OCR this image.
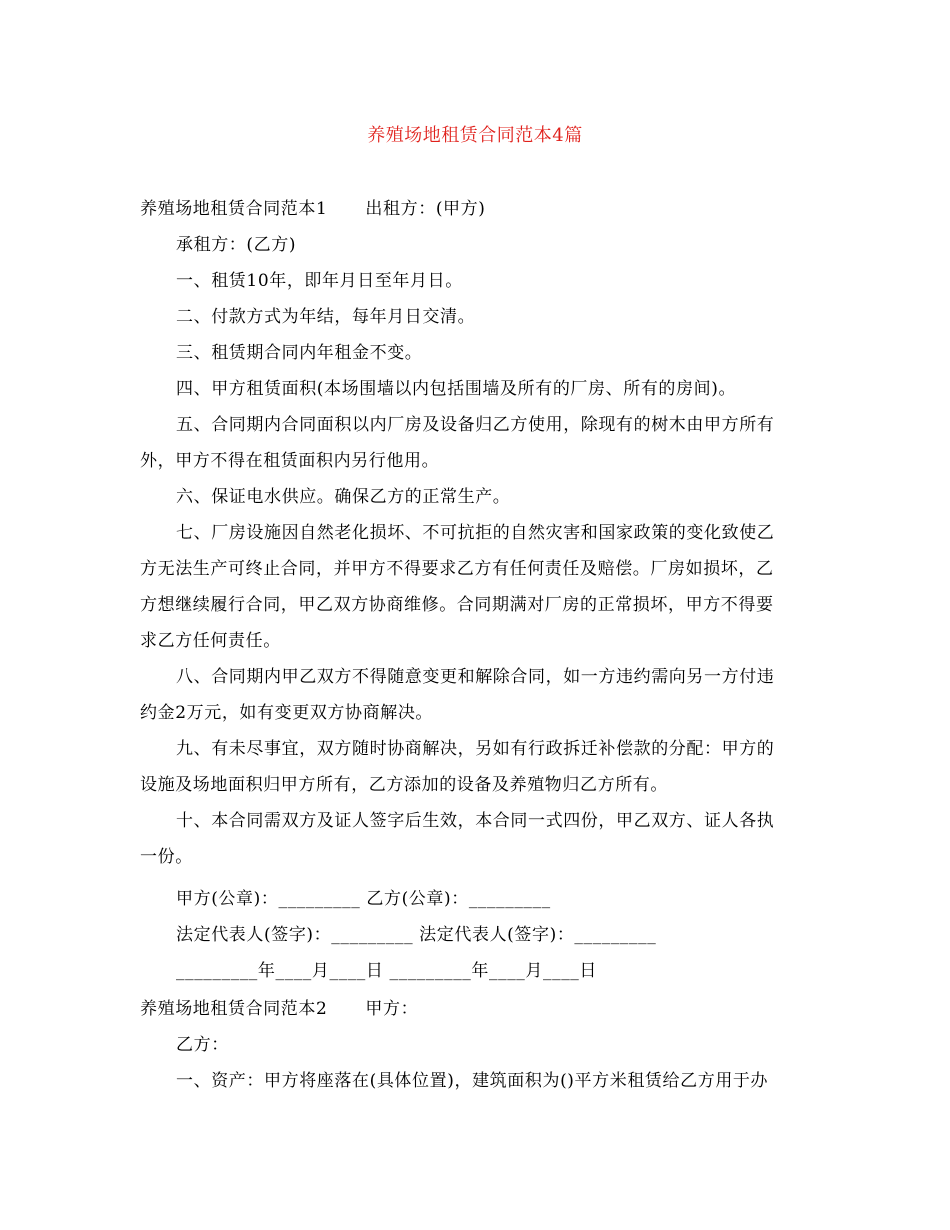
养殖场地租赁合同范本4篇
养殖场地租赁合同范本1 出租方：(甲方)
承租方：(乙方)
一、租赁10年，即年月日至年月日。
二、付款方式为年结，每年月日交清。
三、租赁期合同内年租金不变。
四、甲方租赁面积(本场围墙以内包括围墙及所有的厂房、所有的房间)。
五、合同期内合同面积以内厂房及设备归乙方使用，除现有的树木由甲方所有
外，甲方不得在租赁面积内另行他用。
六、保证电水供应。确保乙方的正常生产。
七、厂房设施因自然老化损坏、不可抗拒的自然灾害和国家政策的变化致使乙
方无法生产可终止合同，并甲方不得要求乙方有任何责任及赔偿。厂房如损坏，乙
方想继续履行合同，甲乙双方协商维修。合同期满对厂房的正常损坏，甲方不得要
求乙方任何责任。
八、合同期内甲乙双方不得随意变更和解除合同，如一方违约需向另一方付违
约金2万元，如有变更双方协商解决。
九、有未尽事宜，双方随时协商解决，另如有行政拆迁补偿款的分配：甲方的
设施及场地面积归甲方所有，乙方添加的设备及养殖物归乙方所有。
十、本合同需双方及证人签字后生效，本合同一式四份，甲乙双方、证人各执
一份。
甲方(公章)：_________ 乙方(公章)：_________
法定代表人(签字)：_________ 法定代表人(签字)：_________
_________年____月____日 _________年____月____日
养殖场地租赁合同范本2 甲方：
乙方：
一、资产：甲方将座落在(具体位置)，建筑面积为()平方米租赁给乙方用于办
